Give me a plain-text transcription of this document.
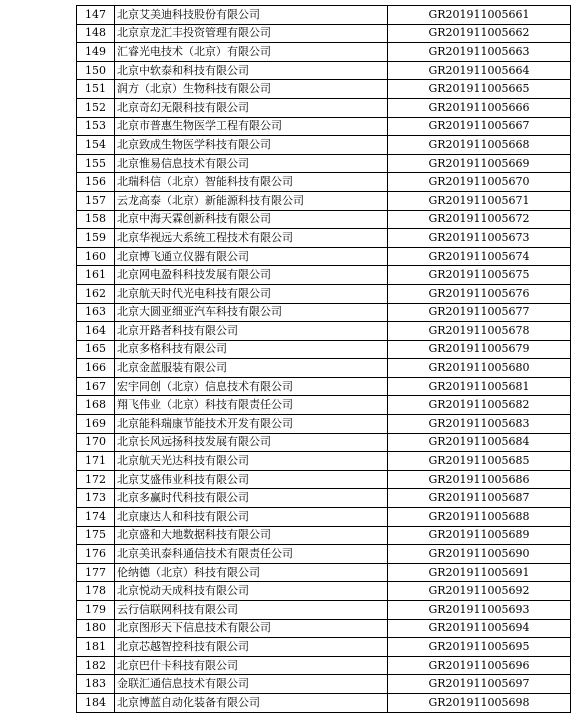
147	北京艾美迪科技股份有限公司	GR201911005661
148	北京京龙汇丰投资管理有限公司	GR201911005662
149	汇睿光电技术（北京）有限公司	GR201911005663
150	北京中软泰和科技有限公司	GR201911005664
151	润方（北京）生物科技有限公司	GR201911005665
152	北京奇幻无限科技有限公司	GR201911005666
153	北京市普惠生物医学工程有限公司	GR201911005667
154	北京致成生物医学科技有限公司	GR201911005668
155	北京惟易信息技术有限公司	GR201911005669
156	北瑞科信（北京）智能科技有限公司	GR201911005670
157	云龙高泰（北京）新能源科技有限公司	GR201911005671
158	北京中海天霖创新科技有限公司	GR201911005672
159	北京华视远大系统工程技术有限公司	GR201911005673
160	北京博飞通立仪器有限公司	GR201911005674
161	北京网电盈科科技发展有限公司	GR201911005675
162	北京航天时代光电科技有限公司	GR201911005676
163	北京大圆亚细亚汽车科技有限公司	GR201911005677
164	北京开路者科技有限公司	GR201911005678
165	北京多格科技有限公司	GR201911005679
166	北京金蓝服装有限公司	GR201911005680
167	宏宇同创（北京）信息技术有限公司	GR201911005681
168	翔飞伟业（北京）科技有限责任公司	GR201911005682
169	北京能科瑞康节能技术开发有限公司	GR201911005683
170	北京长风远扬科技发展有限公司	GR201911005684
171	北京航天光达科技有限公司	GR201911005685
172	北京艾盛伟业科技有限公司	GR201911005686
173	北京多赢时代科技有限公司	GR201911005687
174	北京康达人和科技有限公司	GR201911005688
175	北京盛和大地数据科技有限公司	GR201911005689
176	北京美讯泰科通信技术有限责任公司	GR201911005690
177	伦纳德（北京）科技有限公司	GR201911005691
178	北京悦动天成科技有限公司	GR201911005692
179	云行信联网科技有限公司	GR201911005693
180	北京图形天下信息技术有限公司	GR201911005694
181	北京芯越智控科技有限公司	GR201911005695
182	北京巴什卡科技有限公司	GR201911005696
183	金联汇通信息技术有限公司	GR201911005697
184	北京博蓝自动化装备有限公司	GR201911005698
